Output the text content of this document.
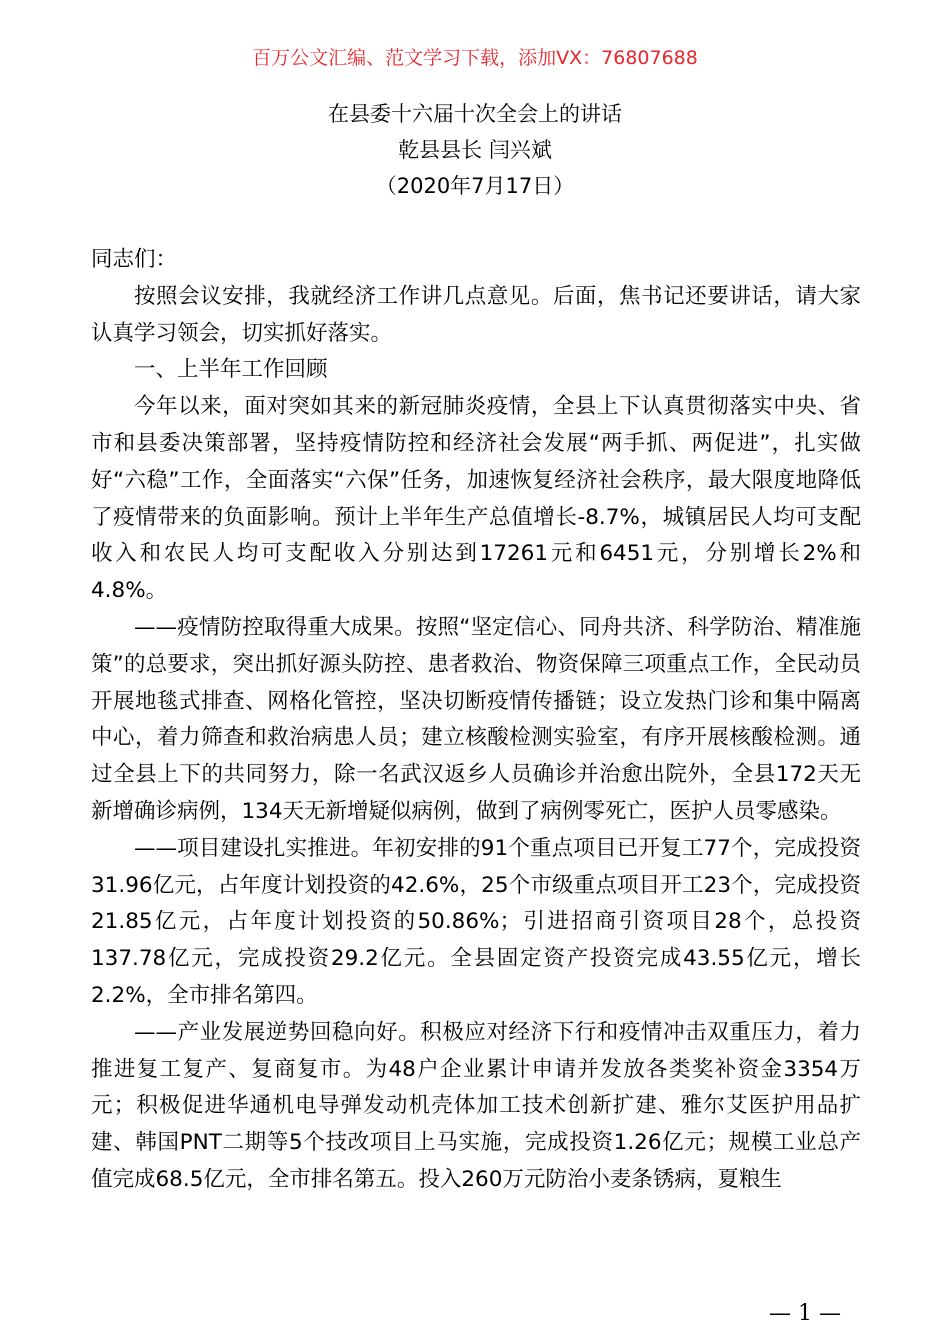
百万公文汇编、范文学习下载，添加VX：76807688
在县委十六届十次全会上的讲话
乾县县长 闫兴斌
（2020年7月17日）

同志们：

按照会议安排，我就经济工作讲几点意见。后面，焦书记还要讲话，请大家认真学习领会，切实抓好落实。

一、上半年工作回顾

今年以来，面对突如其来的新冠肺炎疫情，全县上下认真贯彻落实中央、省市和县委决策部署，坚持疫情防控和经济社会发展“两手抓、两促进”，扎实做好“六稳”工作，全面落实“六保”任务，加速恢复经济社会秩序，最大限度地降低了疫情带来的负面影响。预计上半年生产总值增长-8.7%，城镇居民人均可支配收入和农民人均可支配收入分别达到17261元和6451元，分别增长2%和4.8%。

——疫情防控取得重大成果。按照“坚定信心、同舟共济、科学防治、精准施策”的总要求，突出抓好源头防控、患者救治、物资保障三项重点工作，全民动员开展地毯式排查、网格化管控，坚决切断疫情传播链；设立发热门诊和集中隔离中心，着力筛查和救治病患人员；建立核酸检测实验室，有序开展核酸检测。通过全县上下的共同努力，除一名武汉返乡人员确诊并治愈出院外，全县172天无新增确诊病例，134天无新增疑似病例，做到了病例零死亡，医护人员零感染。

——项目建设扎实推进。年初安排的91个重点项目已开复工77个，完成投资31.96亿元，占年度计划投资的42.6%，25个市级重点项目开工23个，完成投资21.85亿元，占年度计划投资的50.86%；引进招商引资项目28个，总投资137.78亿元，完成投资29.2亿元。全县固定资产投资完成43.55亿元，增长2.2%，全市排名第四。

——产业发展逆势回稳向好。积极应对经济下行和疫情冲击双重压力，着力推进复工复产、复商复市。为48户企业累计申请并发放各类奖补资金3354万元；积极促进华通机电导弹发动机壳体加工技术创新扩建、雅尔艾医护用品扩建、韩国PNT二期等5个技改项目上马实施，完成投资1.26亿元；规模工业总产值完成68.5亿元，全市排名第五。投入260万元防治小麦条锈病，夏粮生

— 1 —
